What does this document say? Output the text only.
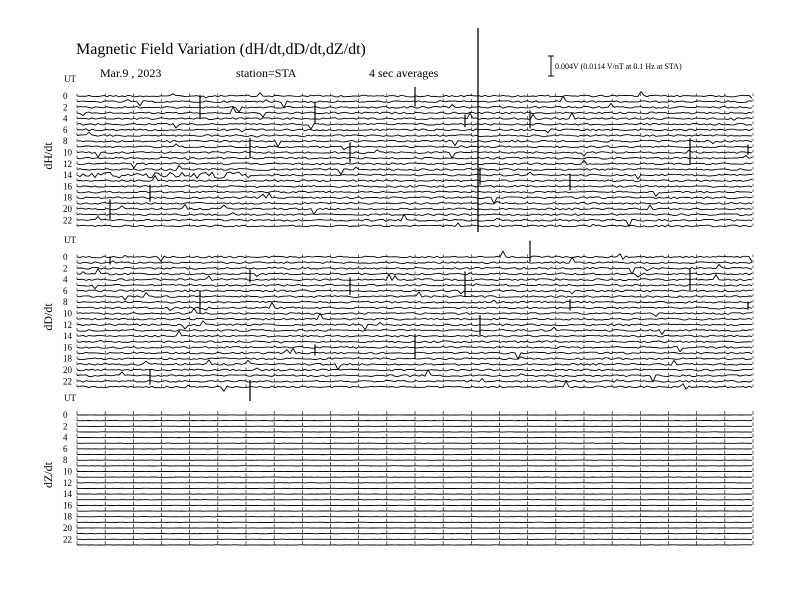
Magnetic Field Variation (dH/dt,dD/dt,dZ/dt)
Mar.9 , 2023	station=STA	4 sec averages	0.004V (0.0114 V/nT at 0.1 Hz at STA)
UT
0
2
4
6
8
10
12
14
16
18
20
22
dH/dt
UT
0
2
4
6
8
10
12
14
16
18
20
22
dD/dt
UT
0
2
4
6
8
10
12
14
16
18
20
22
dZ/dt
